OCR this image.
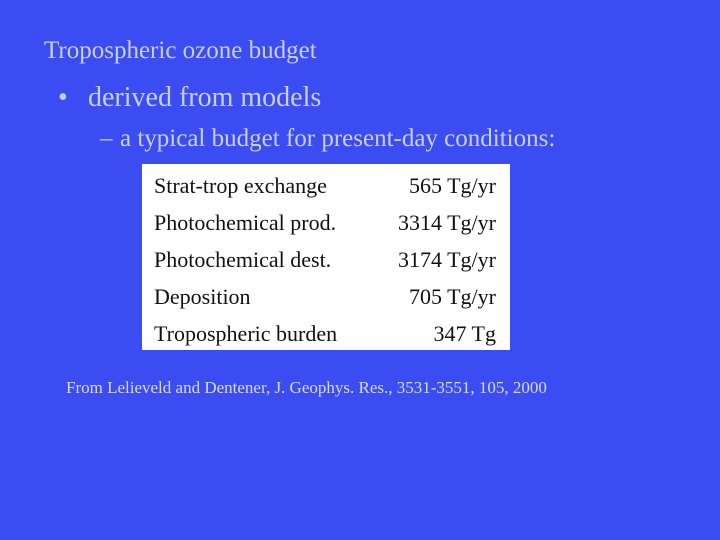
Tropospheric ozone budget
• derived from models
– a typical budget for present-day conditions:
Strat-trop exchange	565 Tg/yr
Photochemical prod.	3314 Tg/yr
Photochemical dest.	3174 Tg/yr
Deposition	705 Tg/yr
Tropospheric burden	347 Tg
From Lelieveld and Dentener, J. Geophys. Res., 3531-3551, 105, 2000
